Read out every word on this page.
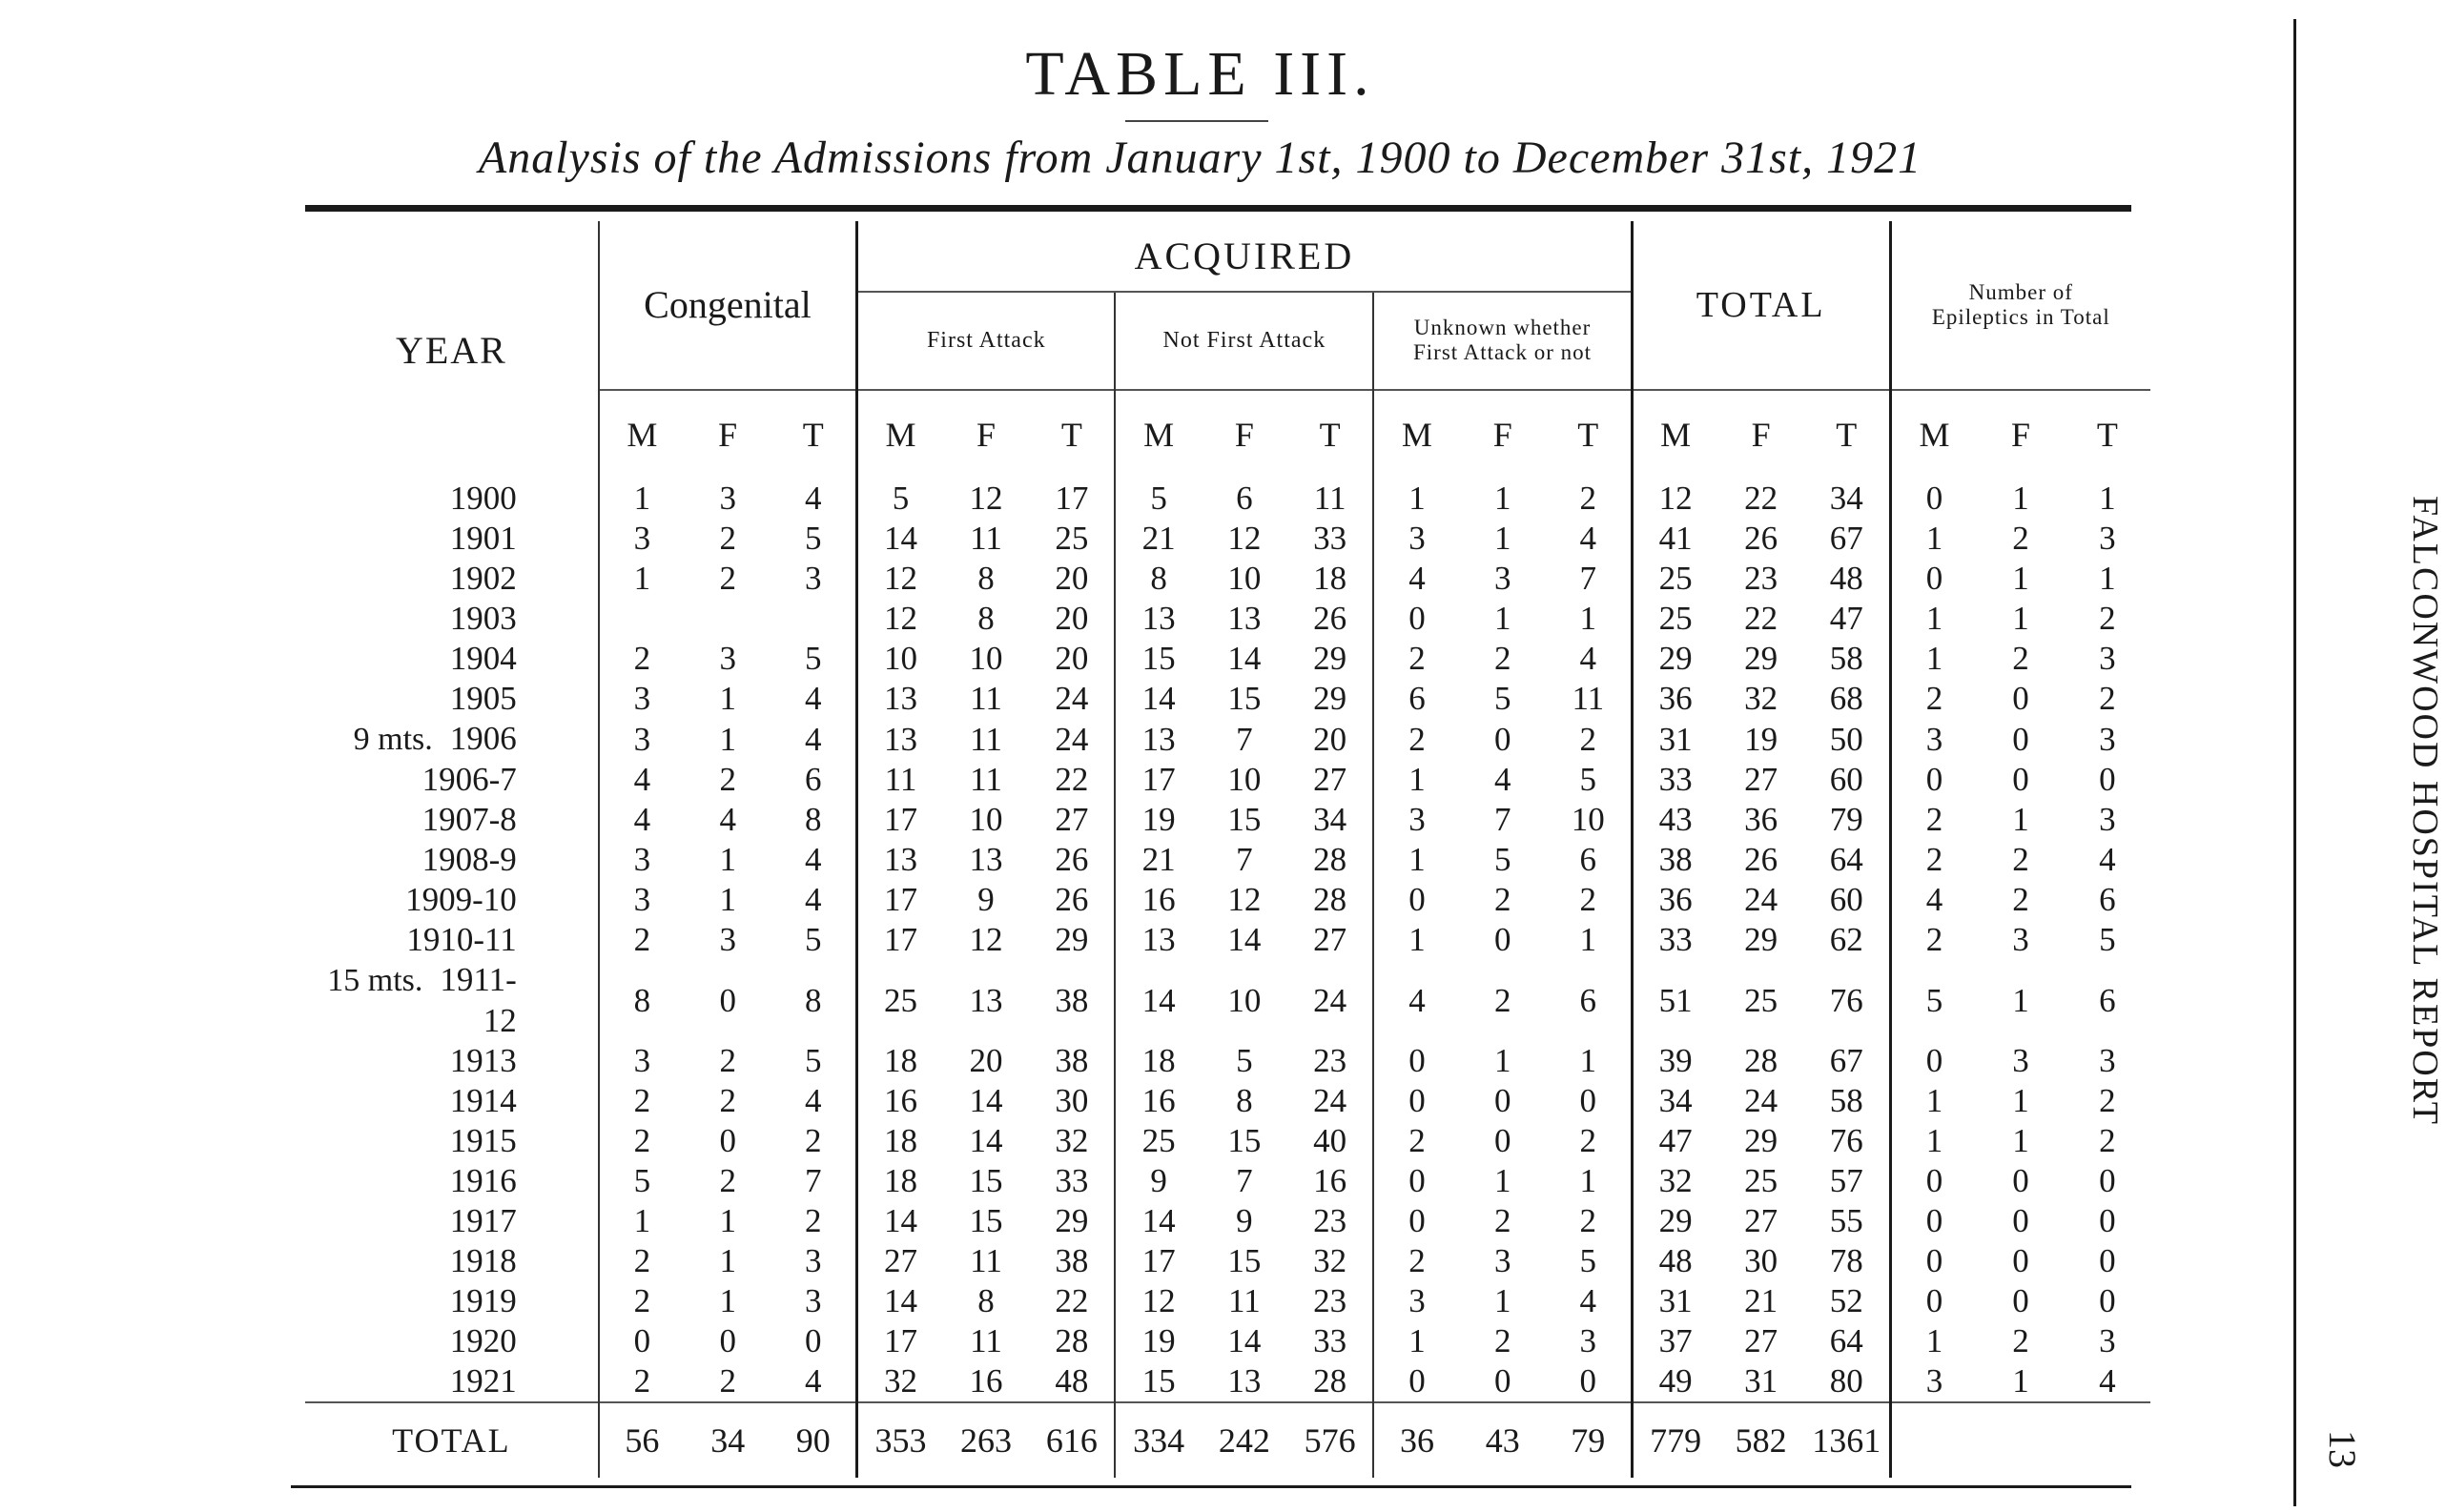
TABLE III.
Analysis of the Admissions from January 1st, 1900 to December 31st, 1921
YEAR	Congenital			ACQUIRED									TOTAL			Number of
Epileptics in Total		

				First Attack			Not First Attack			Unknown whether
First Attack or not								

	M	F	T	M	F	T	M	F	T	M	F	T	M	F	T	M	F	T
1900	1	3	4	5	12	17	5	6	11	1	1	2	12	22	34	0	1	1
1901	3	2	5	14	11	25	21	12	33	3	1	4	41	26	67	1	2	3
1902	1	2	3	12	8	20	8	10	18	4	3	7	25	23	48	0	1	1
1903				12	8	20	13	13	26	0	1	1	25	22	47	1	1	2
1904	2	3	5	10	10	20	15	14	29	2	2	4	29	29	58	1	2	3
1905	3	1	4	13	11	24	14	15	29	6	5	11	36	32	68	2	0	2
9 mts. 1906	3	1	4	13	11	24	13	7	20	2	0	2	31	19	50	3	0	3
1906-7	4	2	6	11	11	22	17	10	27	1	4	5	33	27	60	0	0	0
1907-8	4	4	8	17	10	27	19	15	34	3	7	10	43	36	79	2	1	3
1908-9	3	1	4	13	13	26	21	7	28	1	5	6	38	26	64	2	2	4
1909-10	3	1	4	17	9	26	16	12	28	0	2	2	36	24	60	4	2	6
1910-11	2	3	5	17	12	29	13	14	27	1	0	1	33	29	62	2	3	5
15 mts. 1911-12	8	0	8	25	13	38	14	10	24	4	2	6	51	25	76	5	1	6
1913	3	2	5	18	20	38	18	5	23	0	1	1	39	28	67	0	3	3
1914	2	2	4	16	14	30	16	8	24	0	0	0	34	24	58	1	1	2
1915	2	0	2	18	14	32	25	15	40	2	0	2	47	29	76	1	1	2
1916	5	2	7	18	15	33	9	7	16	0	1	1	32	25	57	0	0	0
1917	1	1	2	14	15	29	14	9	23	0	2	2	29	27	55	0	0	0
1918	2	1	3	27	11	38	17	15	32	2	3	5	48	30	78	0	0	0
1919	2	1	3	14	8	22	12	11	23	3	1	4	31	21	52	0	0	0
1920	0	0	0	17	11	28	19	14	33	1	2	3	37	27	64	1	2	3
1921	2	2	4	32	16	48	15	13	28	0	0	0	49	31	80	3	1	4
TOTAL	56	34	90	353	263	616	334	242	576	36	43	79	779	582	1361			
FALCONWOOD HOSPITAL REPORT
13
